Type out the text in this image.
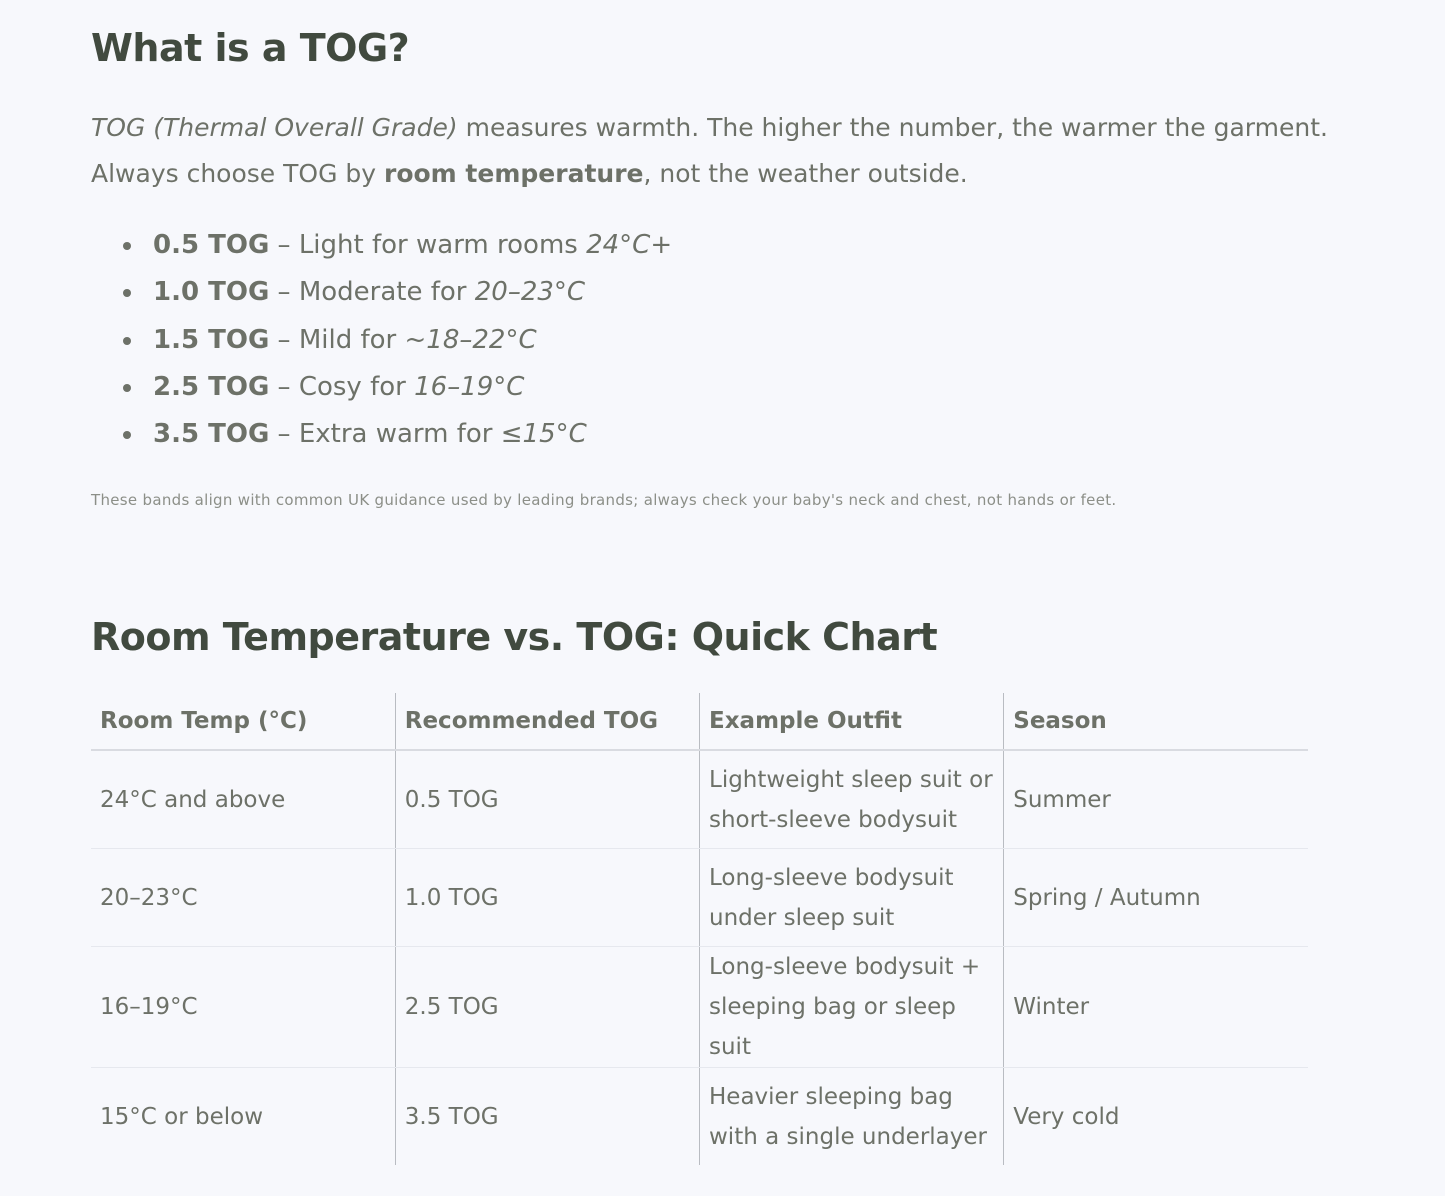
What is a TOG?

TOG (Thermal Overall Grade) measures warmth. The higher the number, the warmer the garment.
Always choose TOG by room temperature, not the weather outside.

0.5 TOG – Light for warm rooms 24°C+
1.0 TOG – Moderate for 20–23°C
1.5 TOG – Mild for ~18–22°C
2.5 TOG – Cosy for 16–19°C
3.5 TOG – Extra warm for ≤15°C

These bands align with common UK guidance used by leading brands; always check your baby's neck and chest, not hands or feet.

Room Temperature vs. TOG: Quick Chart
Room Temp (°C)	Recommended TOG	Example Outfit	Season
24°C and above	0.5 TOG	Lightweight sleep suit or short-sleeve bodysuit	Summer
20–23°C	1.0 TOG	Long-sleeve bodysuit under sleep suit	Spring / Autumn
16–19°C	2.5 TOG	Long-sleeve bodysuit + sleeping bag or sleep suit	Winter
15°C or below	3.5 TOG	Heavier sleeping bag with a single underlayer	Very cold
